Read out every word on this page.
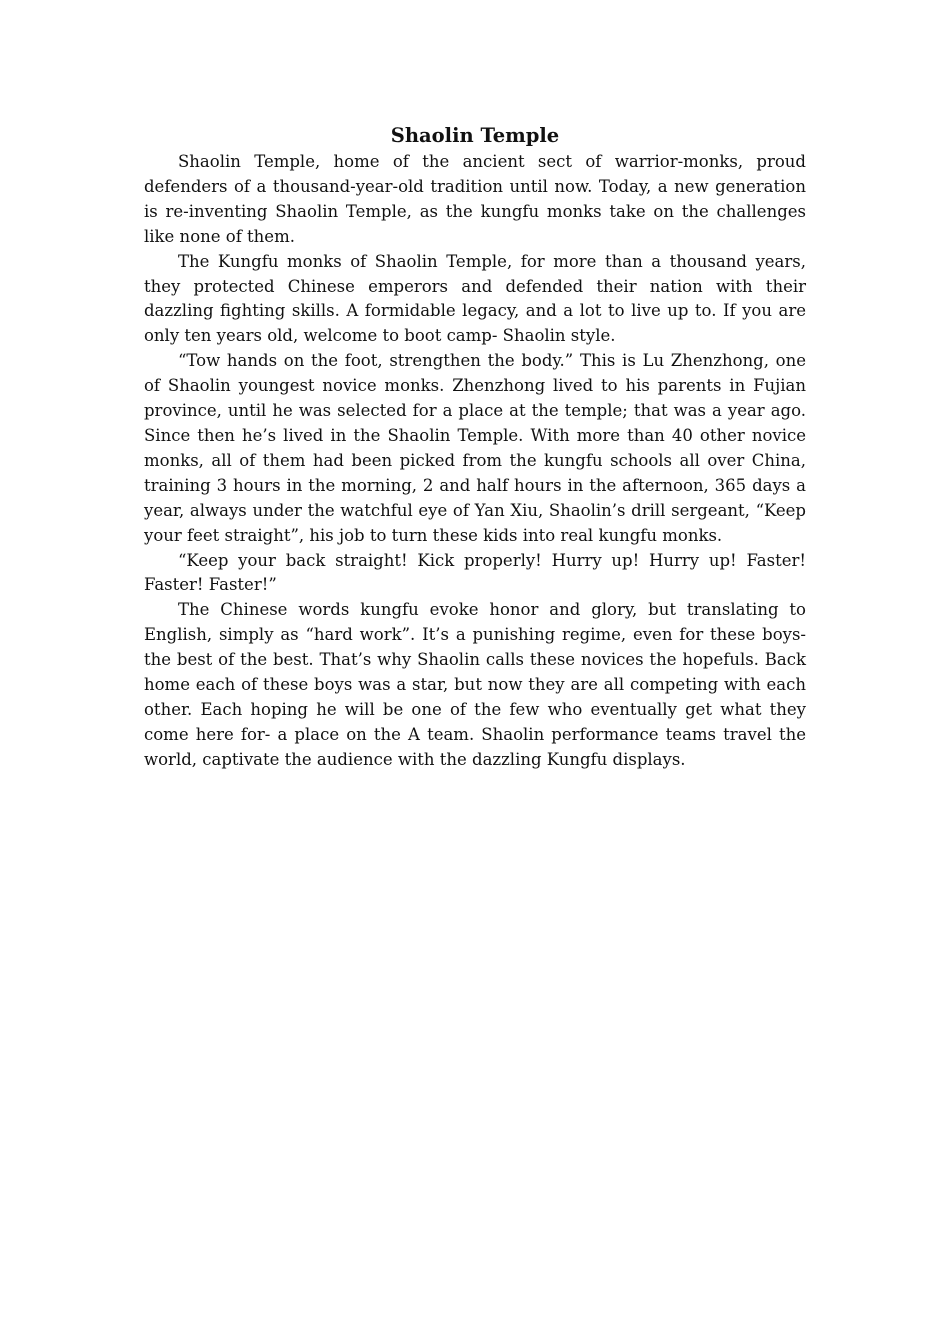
Shaolin Temple

Shaolin Temple, home of the ancient sect of warrior-monks, proud defenders of a thousand-year-old tradition until now. Today, a new generation is re-inventing Shaolin Temple, as the kungfu monks take on the challenges like none of them.

The Kungfu monks of Shaolin Temple, for more than a thousand years, they protected Chinese emperors and defended their nation with their dazzling fighting skills. A formidable legacy, and a lot to live up to. If you are only ten years old, welcome to boot camp- Shaolin style.

“Tow hands on the foot, strengthen the body.” This is Lu Zhenzhong, one of Shaolin youngest novice monks. Zhenzhong lived to his parents in Fujian province, until he was selected for a place at the temple; that was a year ago. Since then he’s lived in the Shaolin Temple. With more than 40 other novice monks, all of them had been picked from the kungfu schools all over China, training 3 hours in the morning, 2 and half hours in the afternoon, 365 days a year, always under the watchful eye of Yan Xiu, Shaolin’s drill sergeant, “Keep your feet straight”, his job to turn these kids into real kungfu monks.

“Keep your back straight! Kick properly! Hurry up! Hurry up! Faster! Faster! Faster!”

The Chinese words kungfu evoke honor and glory, but translating to English, simply as “hard work”. It’s a punishing regime, even for these boys- the best of the best. That’s why Shaolin calls these novices the hopefuls. Back home each of these boys was a star, but now they are all competing with each other. Each hoping he will be one of the few who eventually get what they come here for- a place on the A team. Shaolin performance teams travel the world, captivate the audience with the dazzling Kungfu displays.
